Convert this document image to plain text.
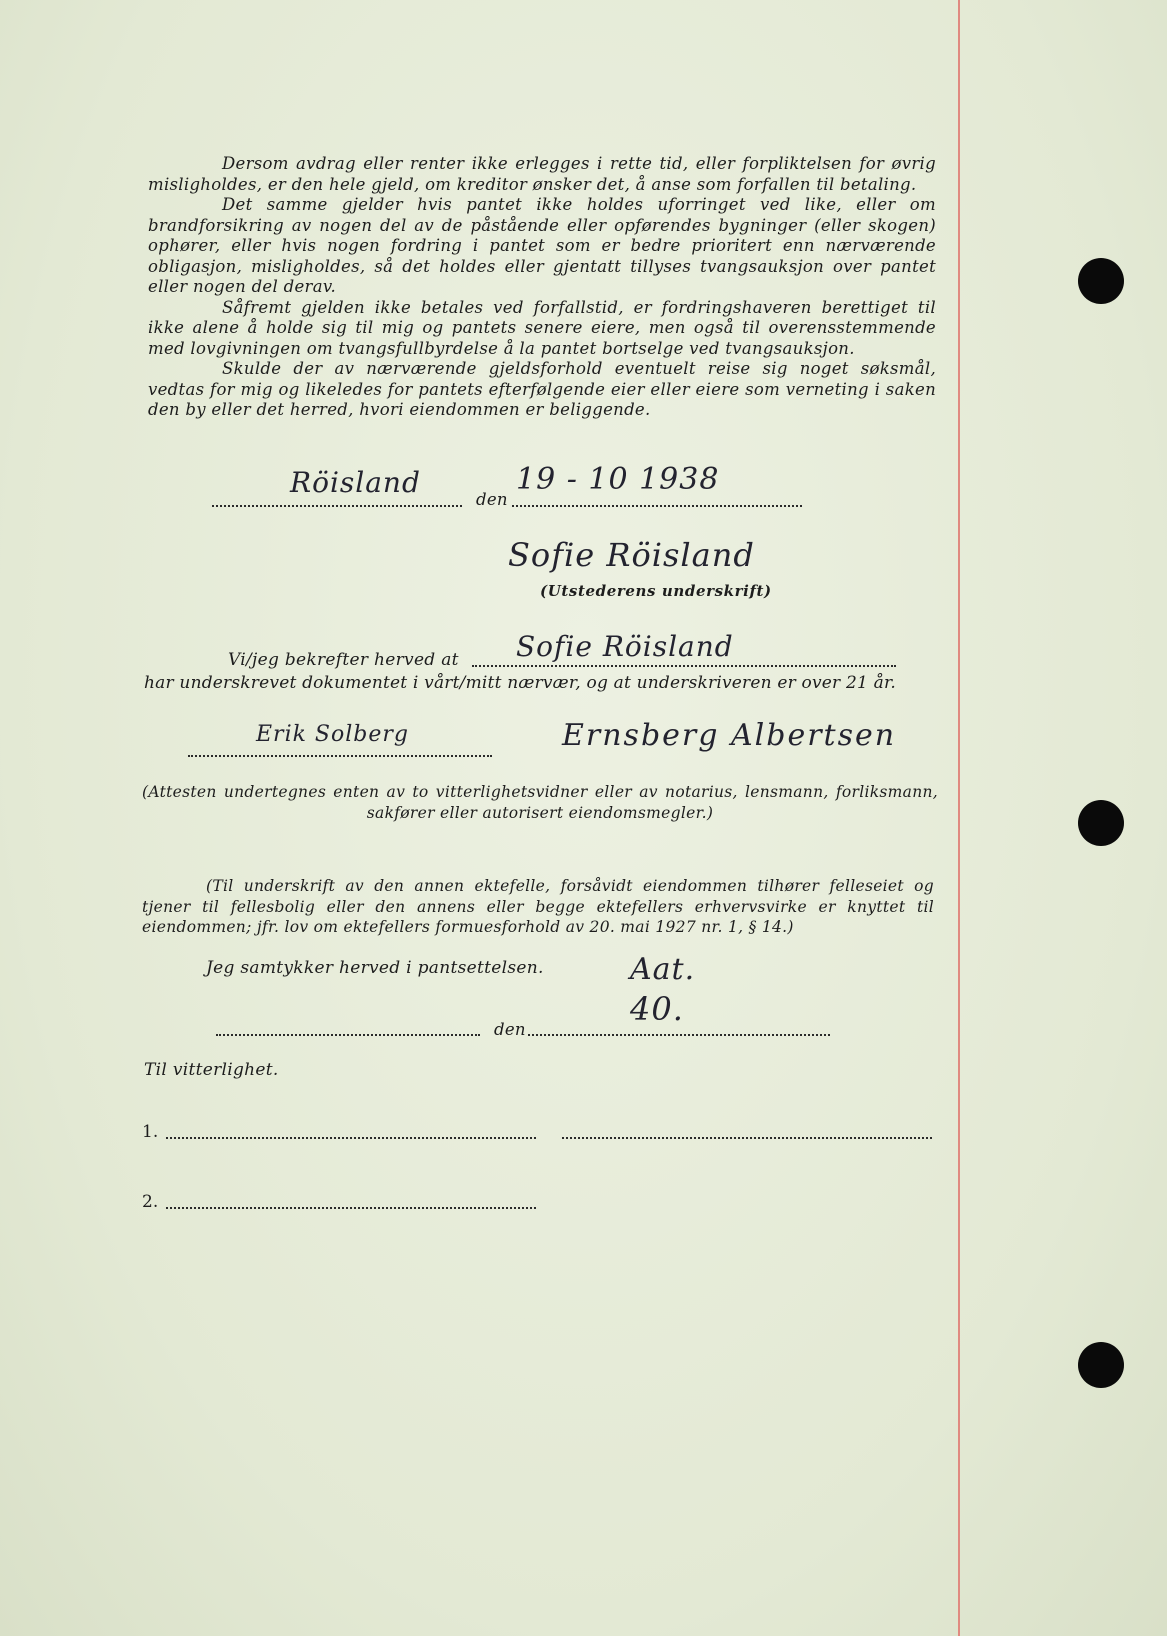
Dersom avdrag eller renter ikke erlegges i rette tid, eller forpliktelsen for øvrig misligholdes, er den hele gjeld, om kreditor ønsker det, å anse som forfallen til betaling.

Det samme gjelder hvis pantet ikke holdes uforringet ved like, eller om brandforsikring av nogen del av de påstående eller opførendes bygninger (eller skogen) ophører, eller hvis nogen fordring i pantet som er bedre prioritert enn nærværende obligasjon, misligholdes, så det holdes eller gjentatt tillyses tvangsauksjon over pantet eller nogen del derav.

Såfremt gjelden ikke betales ved forfallstid, er fordringshaveren berettiget til ikke alene å holde sig til mig og pantets senere eiere, men også til overensstemmende med lovgivningen om tvangsfullbyrdelse å la pantet bortselge ved tvangsauksjon.

Skulde der av nærværende gjeldsforhold eventuelt reise sig noget søksmål, vedtas for mig og likeledes for pantets efterfølgende eier eller eiere som verneting i saken den by eller det herred, hvori eiendommen er beliggende.

Röisland
den
19 - 10 1938
Sofie Röisland
(Utstederens underskrift)
Vi/jeg bekrefter herved at Sofie Röisland
har underskrevet dokumentet i vårt/mitt nærvær, og at underskriveren er over 21 år.
Erik Solberg	Ernsberg Albertsen
(Attesten undertegnes enten av to vitterlighetsvidner eller av notarius, lensmann, forliksmann, sakfører eller autorisert eiendomsmegler.)
(Til underskrift av den annen ektefelle, forsåvidt eiendommen tilhører felleseiet og tjener til fellesbolig eller den annens eller begge ektefellers erhvervsvirke er knyttet til eiendommen; jfr. lov om ektefellers formuesforhold av 20. mai 1927 nr. 1, § 14.)
Jeg samtykker herved i pantsettelsen.	Aat.
40.
den
Til vitterlighet.
1.
2.
